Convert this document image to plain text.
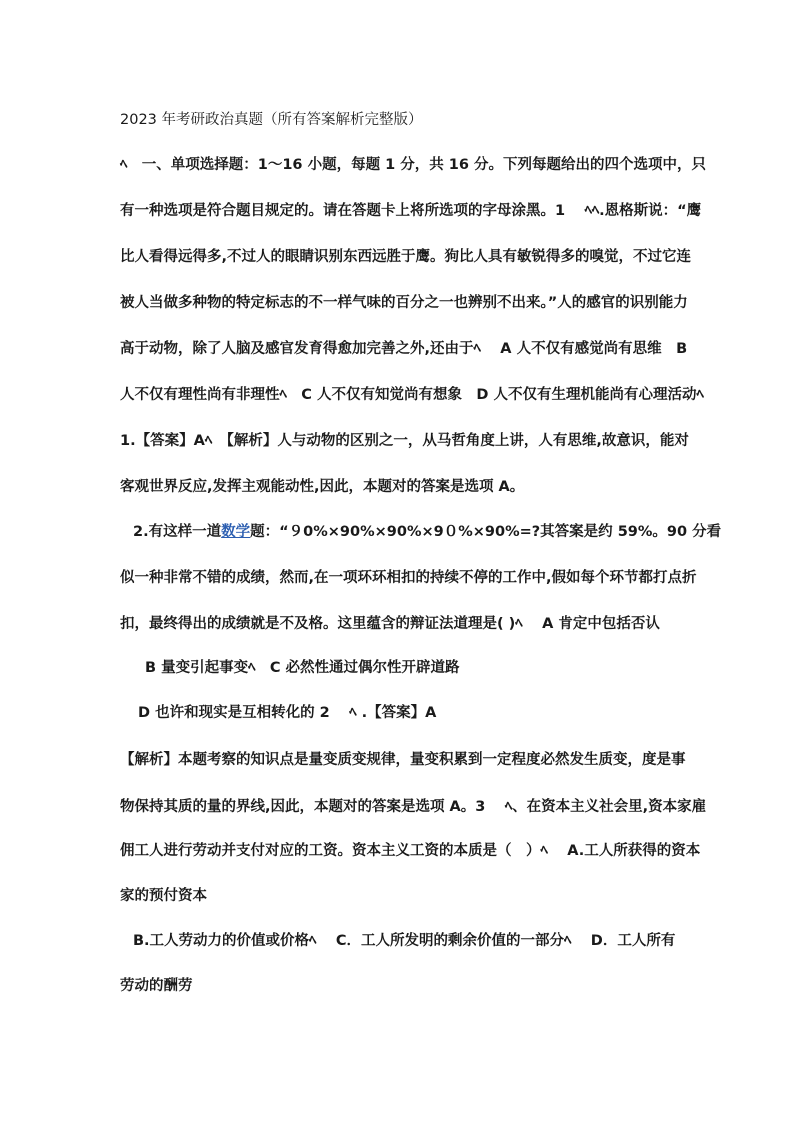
2023 年考研政治真题（所有答案解析完整版）
ﾍ　一、单项选择题：1～16 小题，每题 1 分，共 16 分。下列每题给出的四个选项中，只
有一种选项是符合题目规定的。请在答题卡上将所选项的字母涂黑。1　 ﾍﾍ.恩格斯说：“鹰
比人看得远得多,不过人的眼睛识别东西远胜于鹰。狗比人具有敏锐得多的嗅觉，不过它连
被人当做多种物的特定标志的不一样气味的百分之一也辨别不出来。”人的感官的识别能力
高于动物，除了人脑及感官发育得愈加完善之外,还由于ﾍ　 A 人不仅有感觉尚有思维　B
人不仅有理性尚有非理性ﾍ　C 人不仅有知觉尚有想象　D 人不仅有生理机能尚有心理活动ﾍ
1.【答案】Aﾍ　【解析】人与动物的区别之一，从马哲角度上讲，人有思维,故意识，能对
客观世界反应,发挥主观能动性,因此，本题对的答案是选项 A。
2.有这样一道数学题：“９0%×90%×90%×9０%×90%=?其答案是约 59%。90 分看
似一种非常不错的成绩，然而,在一项环环相扣的持续不停的工作中,假如每个环节都打点折
扣，最终得出的成绩就是不及格。这里蕴含的辩证法道理是( )ﾍ　 A 肯定中包括否认
B 量变引起事变ﾍ　C 必然性通过偶尔性开辟道路
D 也许和现实是互相转化的 2　 ﾍ .【答案】A
【解析】本题考察的知识点是量变质变规律，量变积累到一定程度必然发生质变，度是事
物保持其质的量的界线,因此，本题对的答案是选项 A。3　 ﾍ、在资本主义社会里,资本家雇
佣工人进行劳动并支付对应的工资。资本主义工资的本质是（　）ﾍ　 A.工人所获得的资本
家的预付资本
B.工人劳动力的价值或价格ﾍ　 C．工人所发明的剩余价值的一部分ﾍ　 D．工人所有
劳动的酬劳
